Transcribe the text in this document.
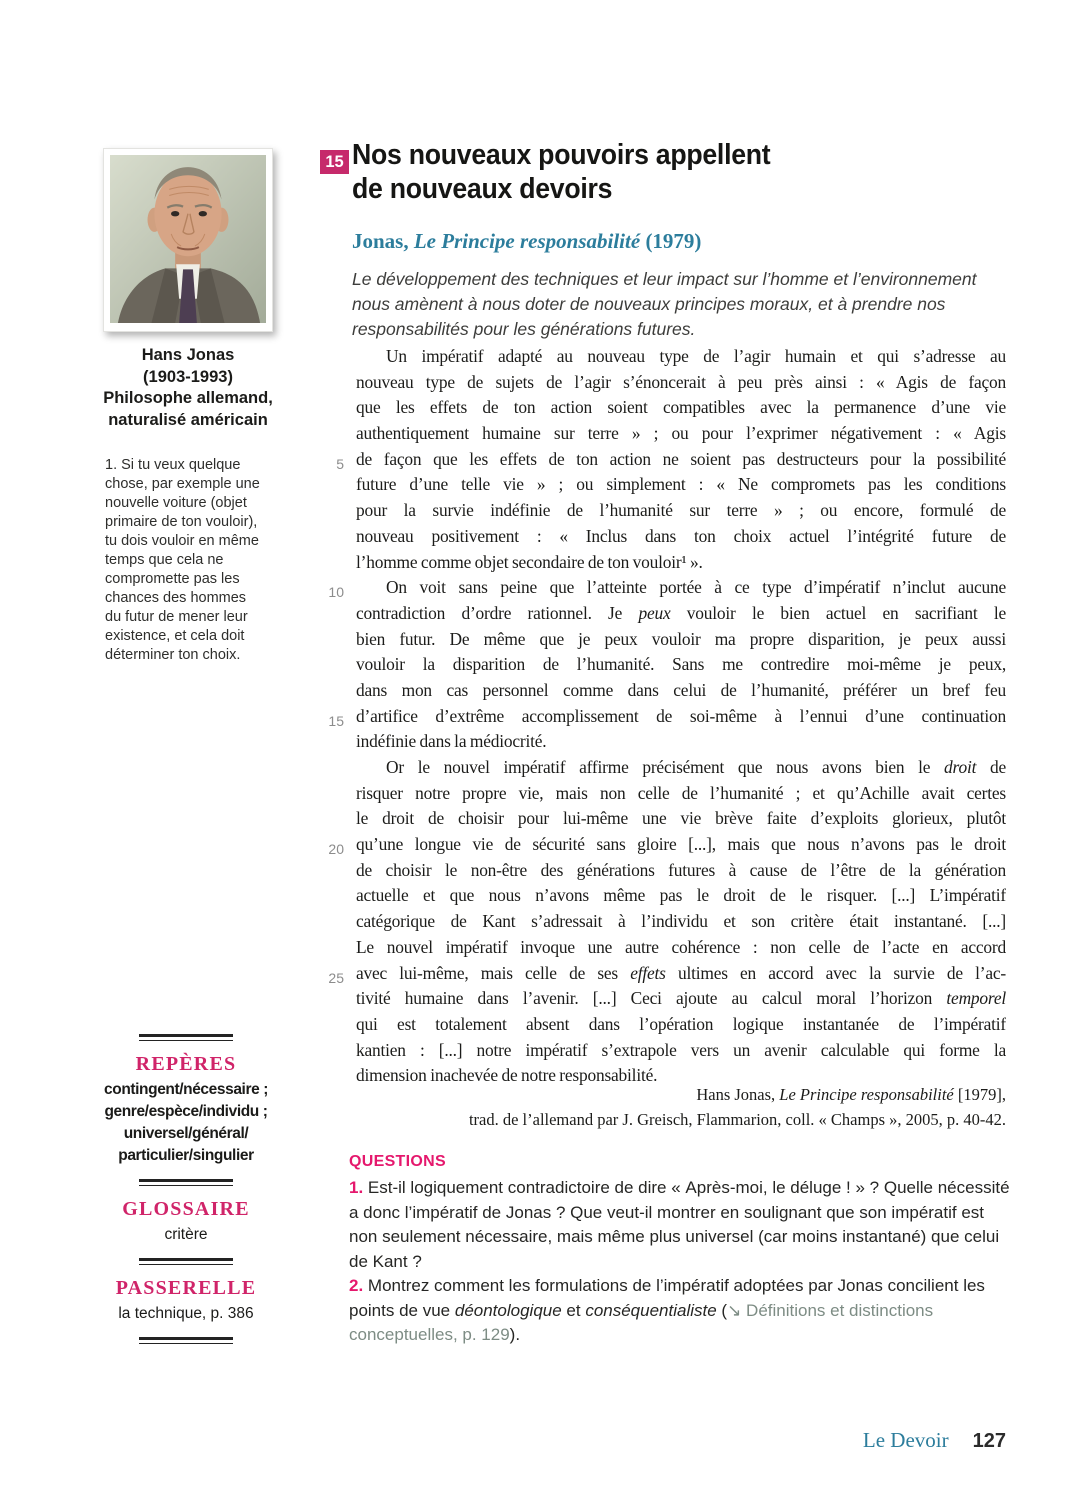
Hans Jonas
(1903-1993)
Philosophe allemand,
naturalisé américain
1. Si tu veux quelque chose, par exemple une nouvelle voiture (objet primaire de ton vouloir), tu dois vouloir en même temps que cela ne compromette pas les chances des hommes du futur de mener leur existence, et cela doit déterminer ton choix.
REPÈRES
contingent/nécessaire ;
genre/espèce/individu ;
universel/général/
particulier/singulier
GLOSSAIRE
critère
PASSERELLE
la technique, p. 386
15 Nos nouveaux pouvoirs appellent
de nouveaux devoirs
Jonas, Le Principe responsabilité (1979)

Le développement des techniques et leur impact sur l’homme et l’environnement nous amènent à nous doter de nouveaux principes moraux, et à prendre nos responsabilités pour les générations futures.

Un impératif adapté au nouveau type de l’agir humain et qui s’adresse au
nouveau type de sujets de l’agir s’énoncerait à peu près ainsi : « Agis de façon
que les effets de ton action soient compatibles avec la permanence d’une vie
authentiquement humaine sur terre » ; ou pour l’exprimer négativement : « Agis
5 de façon que les effets de ton action ne soient pas destructeurs pour la possibilité
future d’une telle vie » ; ou simplement : « Ne compromets pas les conditions
pour la survie indéfinie de l’humanité sur terre » ; ou encore, formulé de
nouveau positivement : « Inclus dans ton choix actuel l’intégrité future de
l’homme comme objet secondaire de ton vouloir¹ ».
10	On voit sans peine que l’atteinte portée à ce type d’impératif n’inclut aucune
contradiction d’ordre rationnel. Je peux vouloir le bien actuel en sacrifiant le
bien futur. De même que je peux vouloir ma propre disparition, je peux aussi
vouloir la disparition de l’humanité. Sans me contredire moi-même je peux,
dans mon cas personnel comme dans celui de l’humanité, préférer un bref feu
15 d’artifice d’extrême accomplissement de soi-même à l’ennui d’une continuation
indéfinie dans la médiocrité.
Or le nouvel impératif affirme précisément que nous avons bien le droit de
risquer notre propre vie, mais non celle de l’humanité ; et qu’Achille avait certes
le droit de choisir pour lui-même une vie brève faite d’exploits glorieux, plutôt
20 qu’une longue vie de sécurité sans gloire [...], mais que nous n’avons pas le droit
de choisir le non-être des générations futures à cause de l’être de la génération
actuelle et que nous n’avons même pas le droit de le risquer. [...] L’impératif
catégorique de Kant s’adressait à l’individu et son critère était instantané. [...]
Le nouvel impératif invoque une autre cohérence : non celle de l’acte en accord
25 avec lui-même, mais celle de ses effets ultimes en accord avec la survie de l’ac-
tivité humaine dans l’avenir. [...] Ceci ajoute au calcul moral l’horizon temporel
qui est totalement absent dans l’opération logique instantanée de l’impératif
kantien : [...] notre impératif s’extrapole vers un avenir calculable qui forme la
dimension inachevée de notre responsabilité.
Hans Jonas, Le Principe responsabilité [1979],
trad. de l’allemand par J. Greisch, Flammarion, coll. « Champs », 2005, p. 40-42.
QUESTIONS

1. Est-il logiquement contradictoire de dire « Après-moi, le déluge ! » ? Quelle nécessité a donc l’impératif de Jonas ? Que veut-il montrer en soulignant que son impératif est non seulement nécessaire, mais même plus universel (car moins instantané) que celui de Kant ?

2. Montrez comment les formulations de l’impératif adoptées par Jonas concilient les points de vue déontologique et conséquentialiste (↘ Définitions et distinctions conceptuelles, p. 129).

Le Devoir 127
